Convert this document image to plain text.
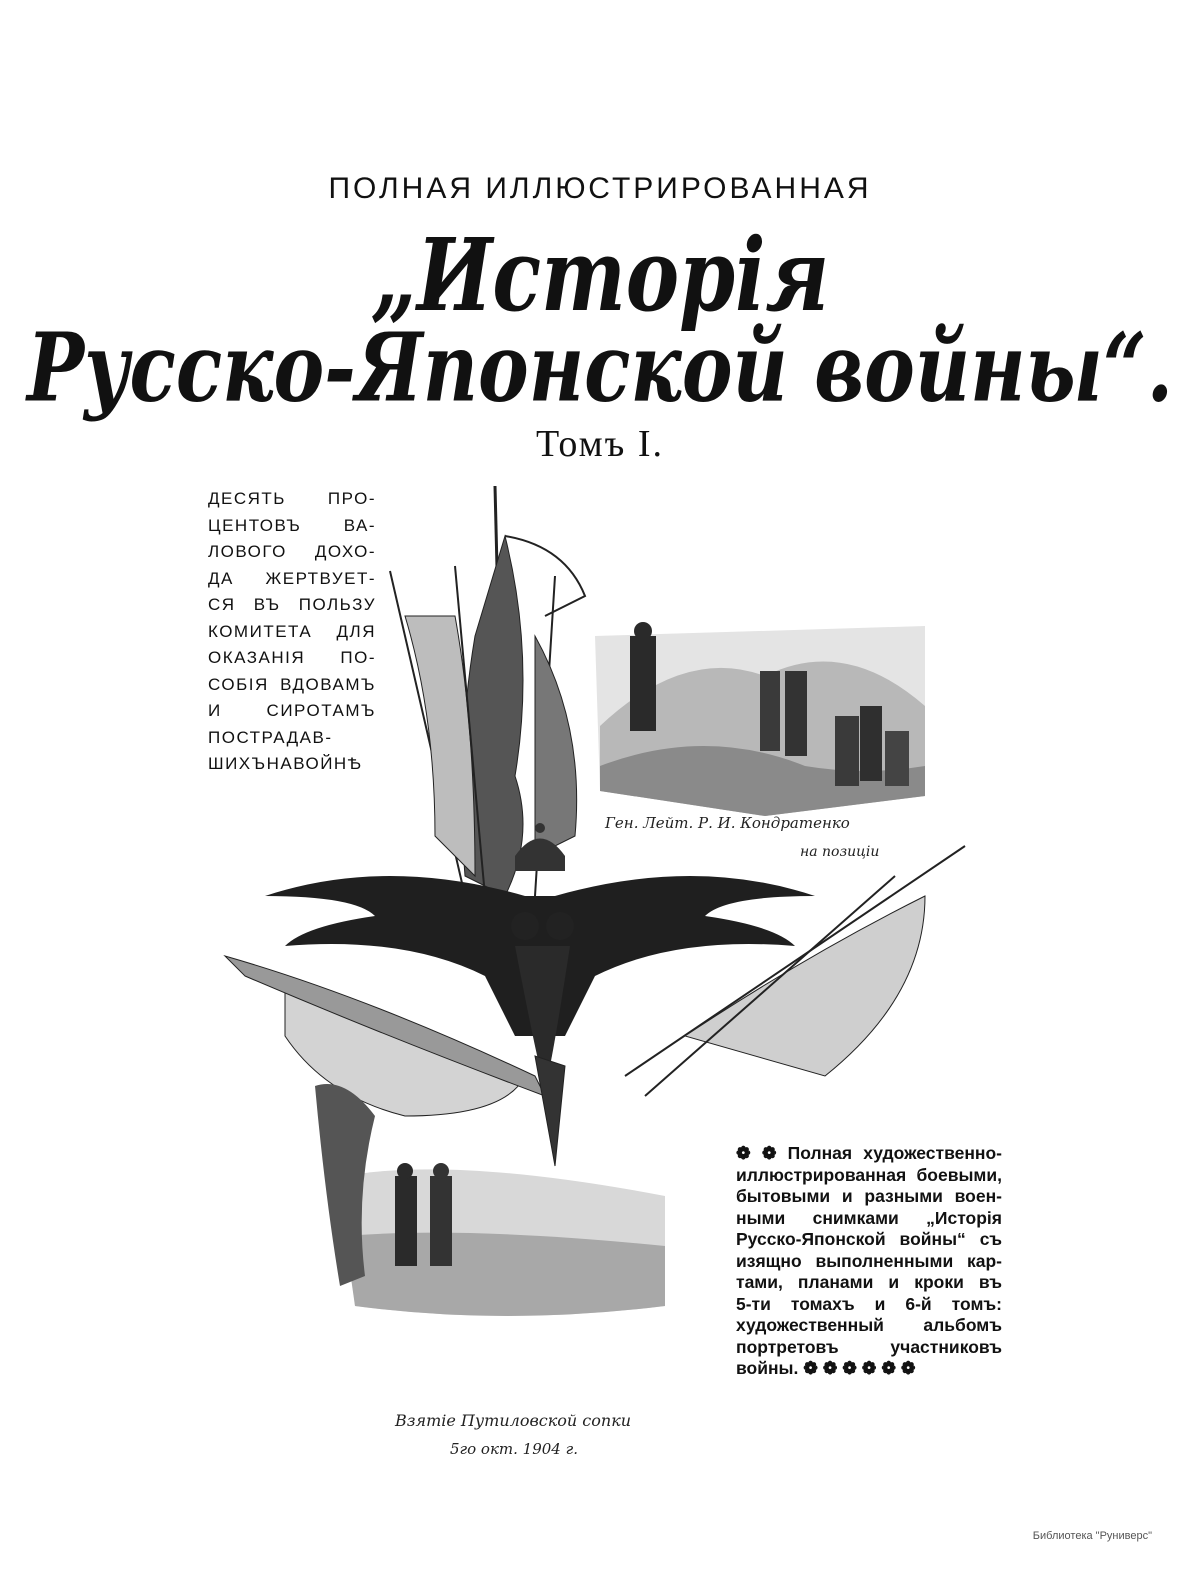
ПОЛНАЯ ИЛЛЮСТРИРОВАННАЯ
„Исторія
Русско-Японской войны“.
Томъ I.
ДЕСЯТЬ ПРО-
ЦЕНТОВЪ ВА-
ЛОВОГО ДОХО-
ДА ЖЕРТВУЕТ-
СЯ ВЪ ПОЛЬЗУ
КОМИТЕТА ДЛЯ
ОКАЗАНІЯ ПО-
СОБІЯ ВДОВАМЪ
И СИРОТАМЪ
ПОСТРАДАВ-
ШИХЪНАВОЙНѢ
Ген. Лейт. Р. И. Кондратенко
на позиціи
Взятіе Путиловской сопки
5го окт. 1904 г.
❁ ❁ Полная художественно-
иллюстрированная боевыми,
бытовыми и разными воен-
ными снимками „Исторія
Русско-Японской войны“ съ
изящно выполненными кар-
тами, планами и кроки въ
5-ти томахъ и 6-й томъ:
художественный альбомъ
портретовъ участниковъ
войны. ❁ ❁ ❁ ❁ ❁ ❁
Библиотека "Руниверс"
